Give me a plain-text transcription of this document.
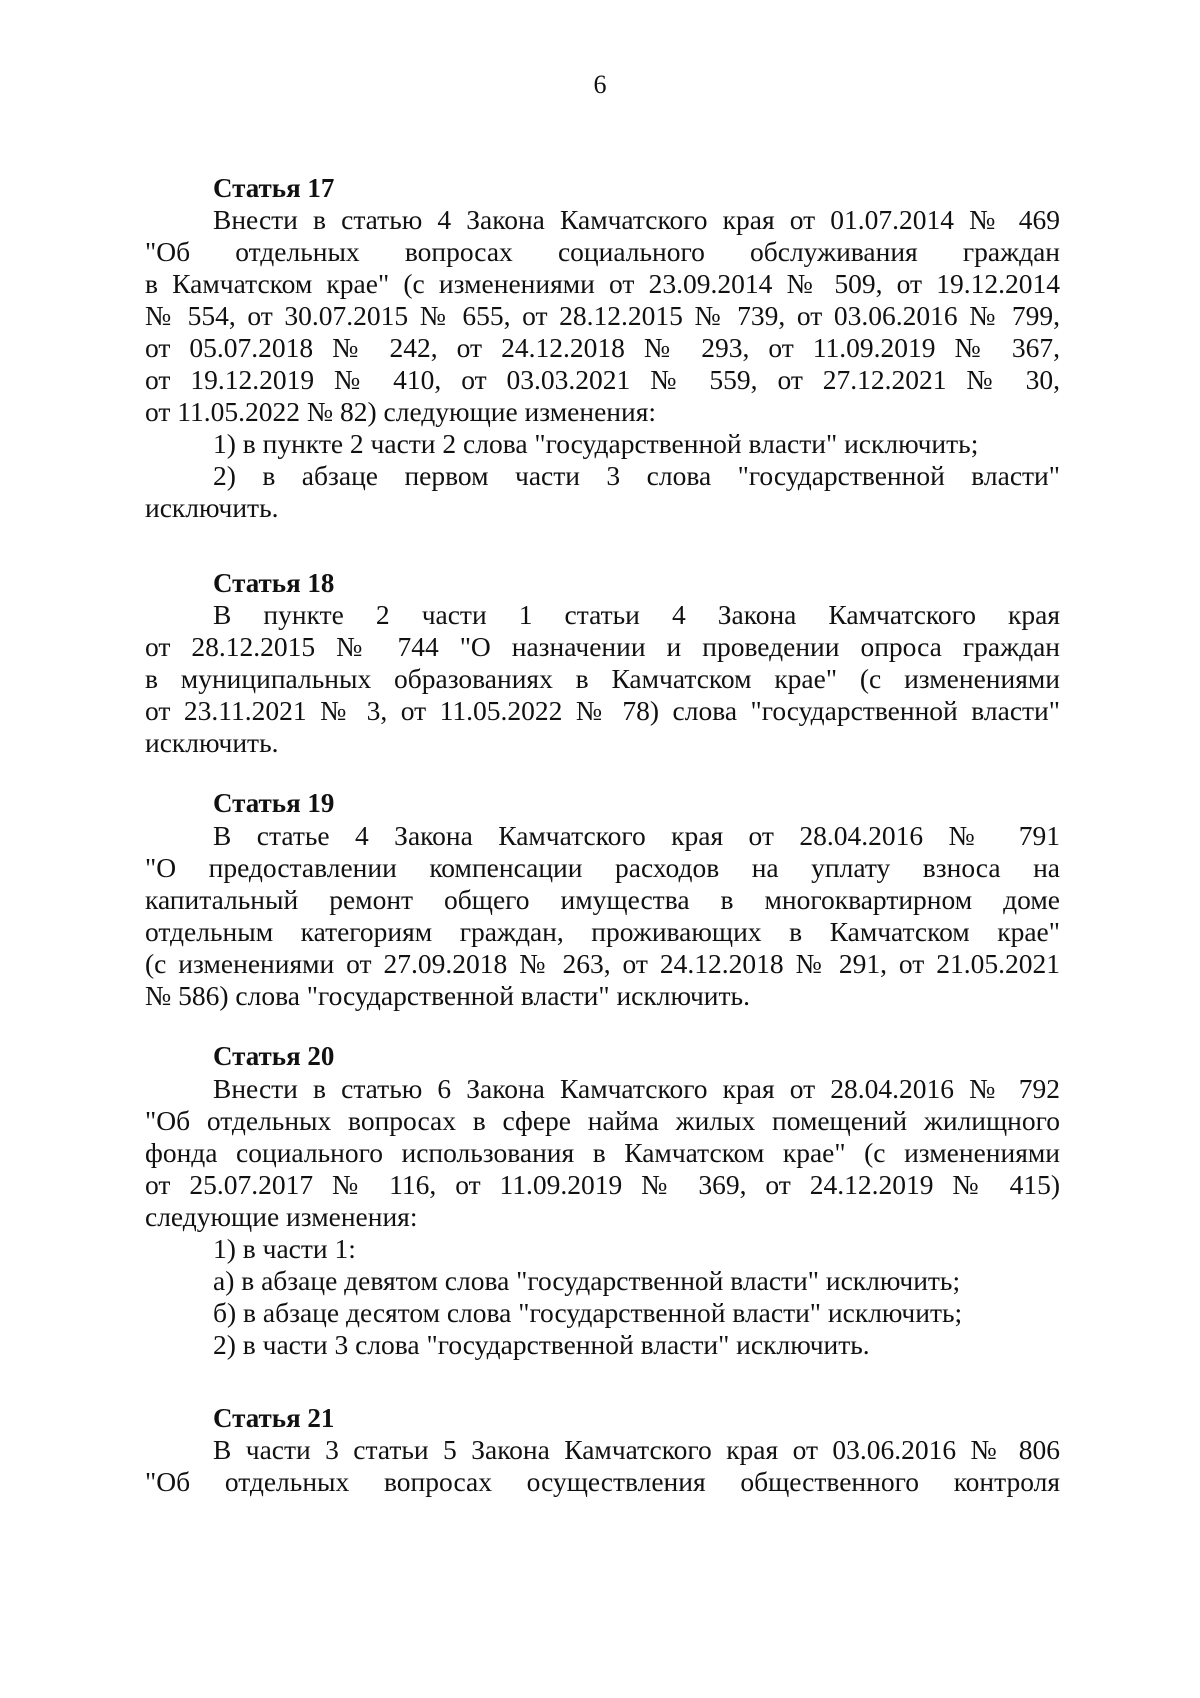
6
Статья 17
Внести в статью 4 Закона Камчатского края от 01.07.2014 № 469
"Об отдельных вопросах социального обслуживания граждан
в Камчатском крае" (с изменениями от 23.09.2014 № 509, от 19.12.2014
№ 554, от 30.07.2015 № 655, от 28.12.2015 № 739, от 03.06.2016 № 799,
от 05.07.2018 № 242, от 24.12.2018 № 293, от 11.09.2019 № 367,
от 19.12.2019 № 410, от 03.03.2021 № 559, от 27.12.2021 № 30,
от 11.05.2022 № 82) следующие изменения:
1) в пункте 2 части 2 слова "государственной власти" исключить;
2) в абзаце первом части 3 слова "государственной власти"
исключить.
Статья 18
В пункте 2 части 1 статьи 4 Закона Камчатского края
от 28.12.2015 № 744 "О назначении и проведении опроса граждан
в муниципальных образованиях в Камчатском крае" (с изменениями
от 23.11.2021 № 3, от 11.05.2022 № 78) слова "государственной власти"
исключить.
Статья 19
В статье 4 Закона Камчатского края от 28.04.2016 № 791
"О предоставлении компенсации расходов на уплату взноса на
капитальный ремонт общего имущества в многоквартирном доме
отдельным категориям граждан, проживающих в Камчатском крае"
(с изменениями от 27.09.2018 № 263, от 24.12.2018 № 291, от 21.05.2021
№ 586) слова "государственной власти" исключить.
Статья 20
Внести в статью 6 Закона Камчатского края от 28.04.2016 № 792
"Об отдельных вопросах в сфере найма жилых помещений жилищного
фонда социального использования в Камчатском крае" (с изменениями
от 25.07.2017 № 116, от 11.09.2019 № 369, от 24.12.2019 № 415)
следующие изменения:
1) в части 1:
а) в абзаце девятом слова "государственной власти" исключить;
б) в абзаце десятом слова "государственной власти" исключить;
2) в части 3 слова "государственной власти" исключить.
Статья 21
В части 3 статьи 5 Закона Камчатского края от 03.06.2016 № 806
"Об отдельных вопросах осуществления общественного контроля
